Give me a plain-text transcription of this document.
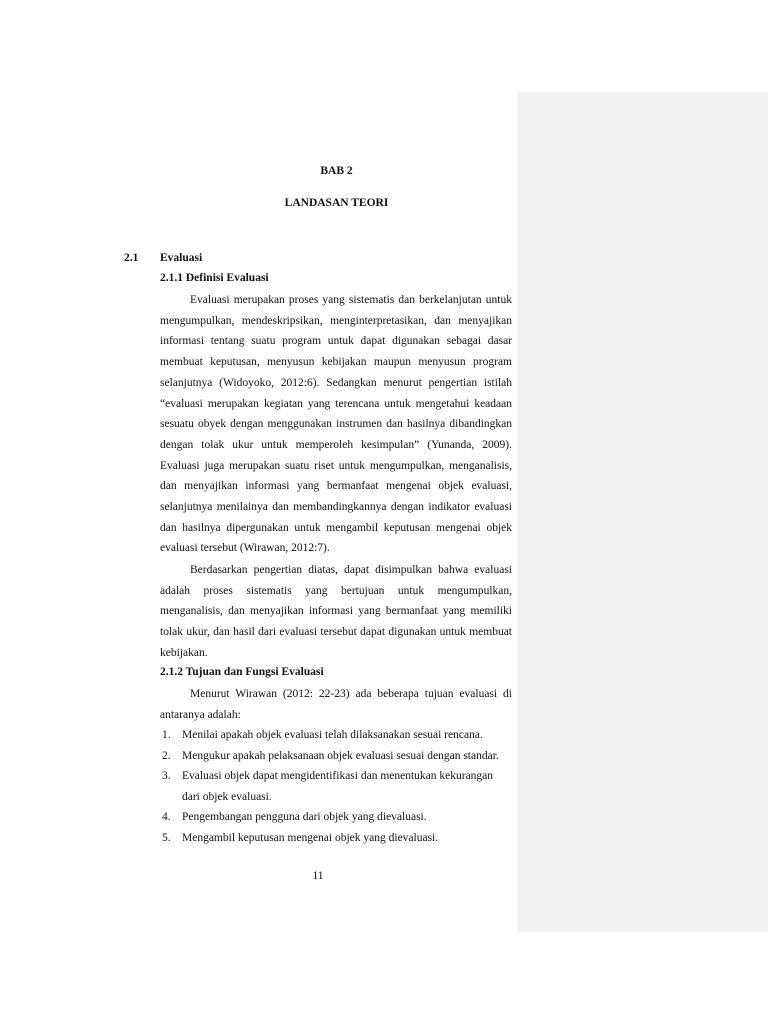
BAB 2
LANDASAN TEORI
2.1 Evaluasi
2.1.1 Definisi Evaluasi

Evaluasi merupakan proses yang sistematis dan berkelanjutan untuk mengumpulkan, mendeskripsikan, menginterpretasikan, dan menyajikan informasi tentang suatu program untuk dapat digunakan sebagai dasar membuat keputusan, menyusun kebijakan maupun menyusun program selanjutnya (Widoyoko, 2012:6). Sedangkan menurut pengertian istilah “evaluasi merupakan kegiatan yang terencana untuk mengetahui keadaan sesuatu obyek dengan menggunakan instrumen dan hasilnya dibandingkan dengan tolak ukur untuk memperoleh kesimpulan” (Yunanda, 2009). Evaluasi juga merupakan suatu riset untuk mengumpulkan, menganalisis, dan menyajikan informasi yang bermanfaat mengenai objek evaluasi, selanjutnya menilainya dan membandingkannya dengan indikator evaluasi dan hasilnya dipergunakan untuk mengambil keputusan mengenai objek evaluasi tersebut (Wirawan, 2012:7).

Berdasarkan pengertian diatas, dapat disimpulkan bahwa evaluasi adalah proses sistematis yang bertujuan untuk mengumpulkan, menganalisis, dan menyajikan informasi yang bermanfaat yang memiliki tolak ukur, dan hasil dari evaluasi tersebut dapat digunakan untuk membuat kebijakan.

2.1.2 Tujuan dan Fungsi Evaluasi

Menurut Wirawan (2012: 22-23) ada beberapa tujuan evaluasi di antaranya adalah:

1. Menilai apakah objek evaluasi telah dilaksanakan sesuai rencana.
2. Mengukur apakah pelaksanaan objek evaluasi sesuai dengan standar.
3. Evaluasi objek dapat mengidentifikasi dan menentukan kekurangan dari objek evaluasi.
4. Pengembangan pengguna dari objek yang dievaluasi.
5. Mengambil keputusan mengenai objek yang dievaluasi.
11
